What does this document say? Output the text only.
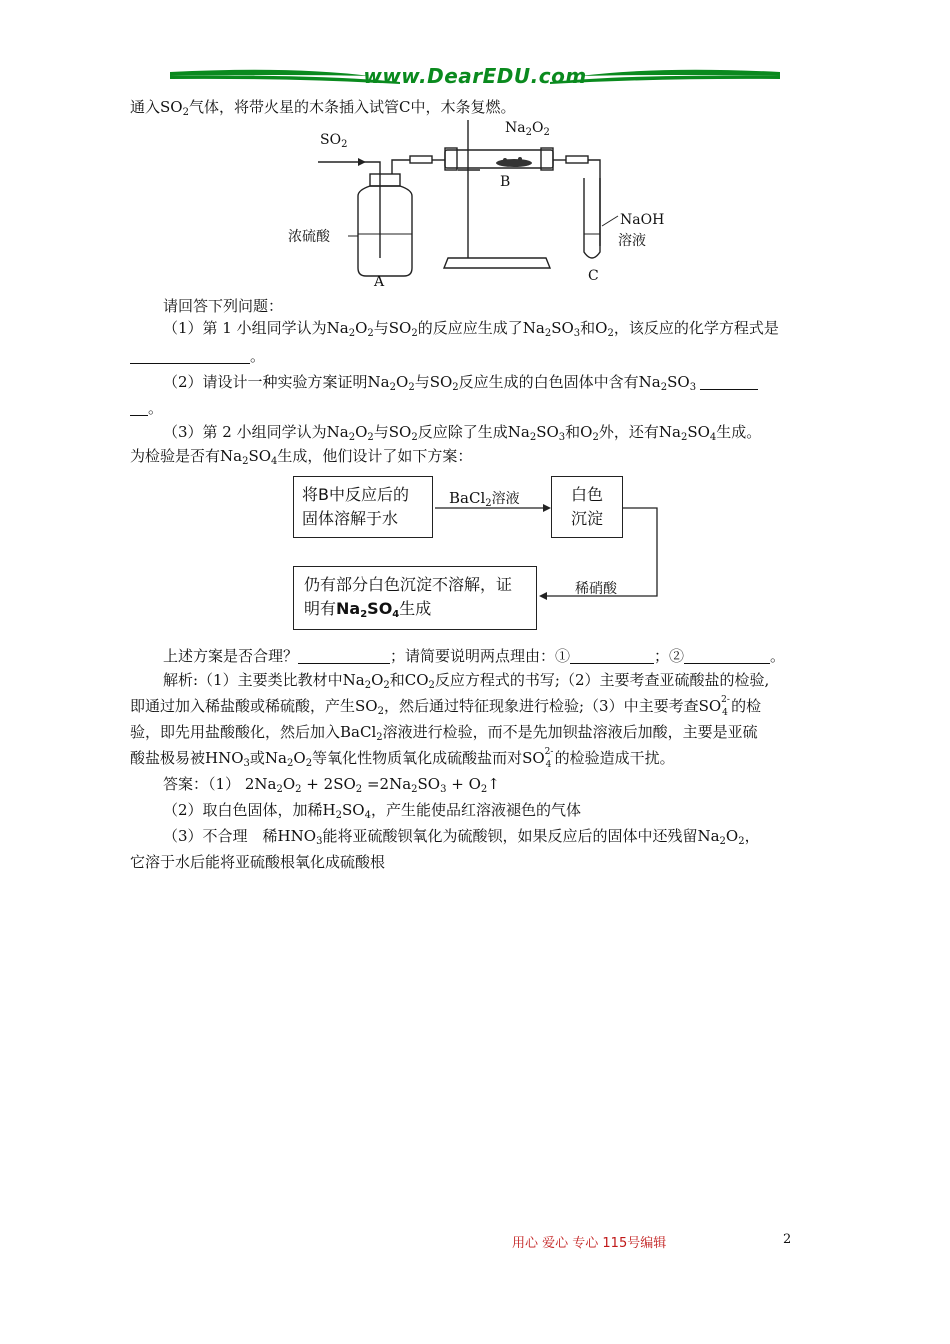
www.DearEDU.com
通入$SO_2$气体，将带火星的木条插入试管C中，木条复燃。
$SO_2$
$Na_2O_2$
B
浓硫酸
A
NaOH
溶液
C
请回答下列问题：
（1）第 1 小组同学认为$Na_2O_2$与$SO_2$的反应应生成了$Na_2SO_3$和$O_2$，该反应的化学方程式是
。
（2）请设计一种实验方案证明$Na_2O_2$与$SO_2$反应生成的白色固体中含有$Na_2SO_3$
。
（3）第 2 小组同学认为$Na_2O_2$与$SO_2$反应除了生成$Na_2SO_3$和$O_2$外，还有$Na_2SO_4$生成。
为检验是否有$Na_2SO_4$生成，他们设计了如下方案：
将B中反应后的
固体溶解于水
BaCl$_2$溶液	白色
沉淀
稀硝酸
仍有部分白色沉淀不溶解，证
明有$Na_2SO_4$生成
上述方案是否合理？	；请简要说明两点理由：①	；②	。
解析:（1）主要类比教材中$Na_2O_2$和$CO_2$反应方程式的书写;（2）主要考查亚硫酸盐的检验,
即通过加入稀盐酸或稀硫酸，产生$SO_2$，然后通过特征现象进行检验;（3）中主要考查SO 2-
4 的检
验，即先用盐酸酸化，然后加入BaCl$_2$溶液进行检验，而不是先加钡盐溶液后加酸，主要是亚硫
酸盐极易被$HNO_3$或$Na_2O_2$等氧化性物质氧化成硫酸盐而对SO 2-
4 的检验造成干扰。
答案：（1） $2Na_2O_2 + 2SO_2 =2Na_2SO_3$ + $O_2↑$
（2）取白色固体，加稀$H_2SO_4$，产生能使品红溶液褪色的气体
（3）不合理　稀$HNO_3$能将亚硫酸钡氧化为硫酸钡，如果反应后的固体中还残留$Na_2O_2$，
它溶于水后能将亚硫酸根氧化成硫酸根
用心 爱心 专心 115号编辑	2
